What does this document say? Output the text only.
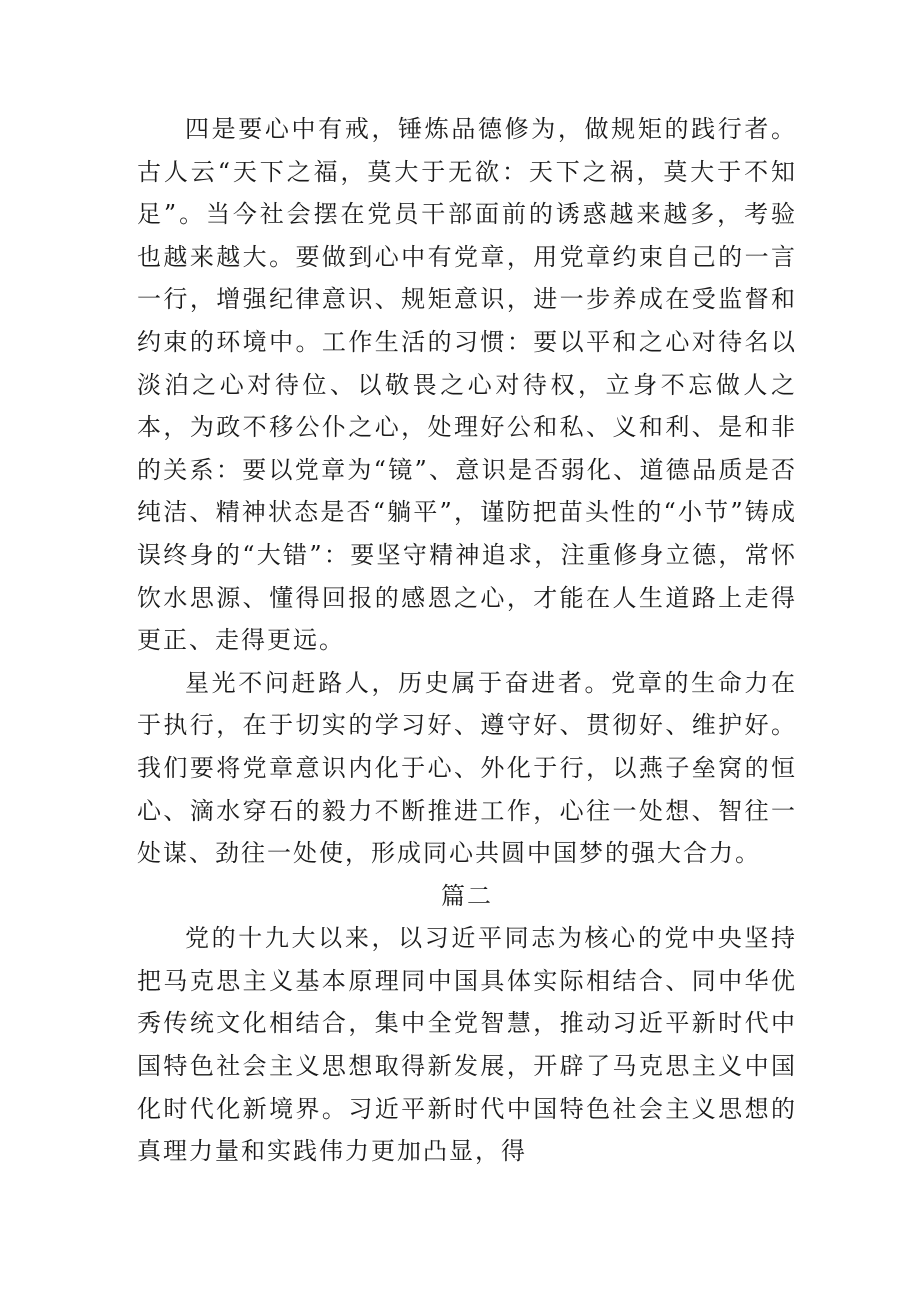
四是要心中有戒，锤炼品德修为，做规矩的践行者。古人云“天下之福，莫大于无欲：天下之祸，莫大于不知足”。当今社会摆在党员干部面前的诱惑越来越多，考验也越来越大。要做到心中有党章，用党章约束自己的一言一行，增强纪律意识、规矩意识，进一步养成在受监督和约束的环境中。工作生活的习惯：要以平和之心对待名以淡泊之心对待位、以敬畏之心对待权，立身不忘做人之本，为政不移公仆之心，处理好公和私、义和利、是和非的关系：要以党章为“镜”、意识是否弱化、道德品质是否纯洁、精神状态是否“躺平”，谨防把苗头性的“小节”铸成误终身的“大错”：要坚守精神追求，注重修身立德，常怀饮水思源、懂得回报的感恩之心，才能在人生道路上走得更正、走得更远。

星光不问赶路人，历史属于奋进者。党章的生命力在于执行，在于切实的学习好、遵守好、贯彻好、维护好。我们要将党章意识内化于心、外化于行，以燕子垒窝的恒心、滴水穿石的毅力不断推进工作，心往一处想、智往一处谋、劲往一处使，形成同心共圆中国梦的强大合力。

篇二

党的十九大以来，以习近平同志为核心的党中央坚持把马克思主义基本原理同中国具体实际相结合、同中华优秀传统文化相结合，集中全党智慧，推动习近平新时代中国特色社会主义思想取得新发展，开辟了马克思主义中国化时代化新境界。习近平新时代中国特色社会主义思想的真理力量和实践伟力更加凸显，得
